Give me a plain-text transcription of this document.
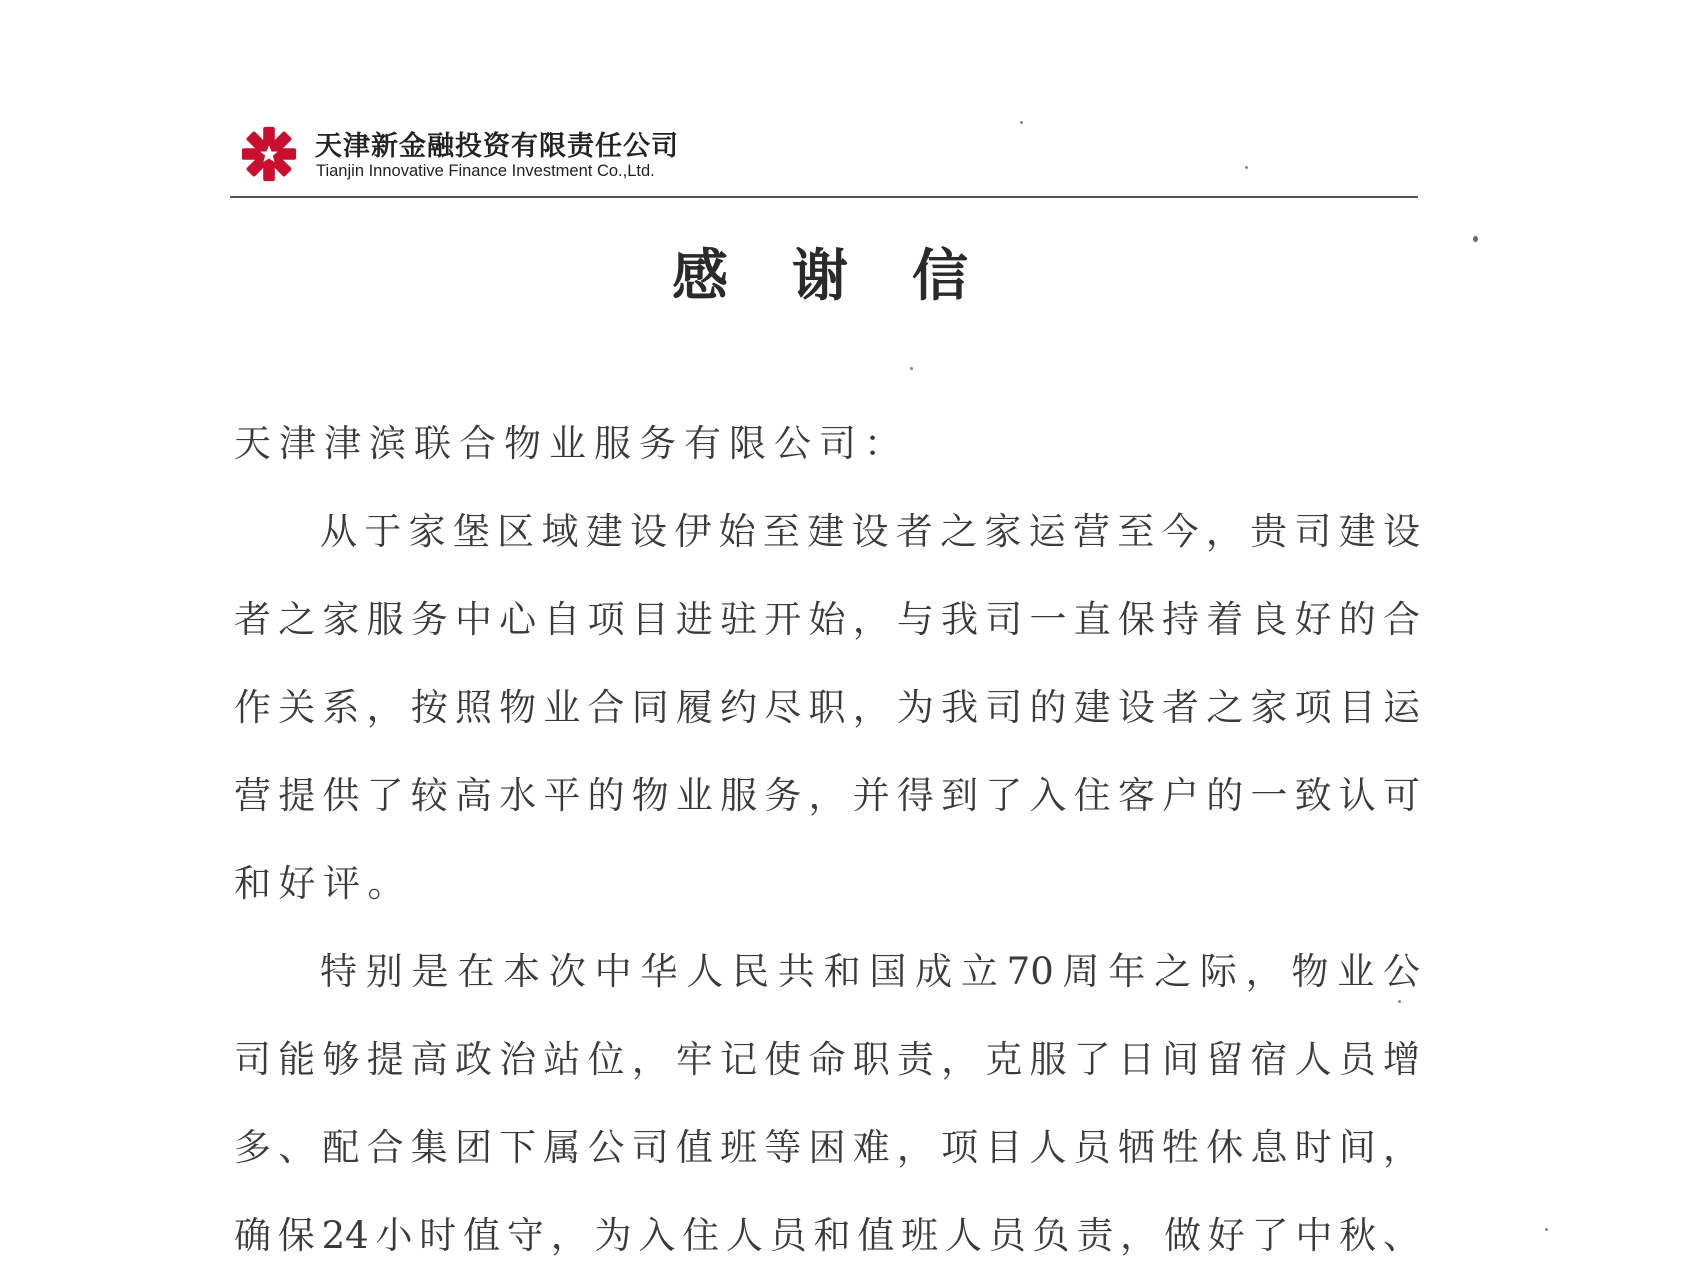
天津新金融投资有限责任公司
Tianjin Innovative Finance Investment Co.,Ltd.
感谢信
天津津滨联合物业服务有限公司：
从于家堡区域建设伊始至建设者之家运营至今，贵司建设
者之家服务中心自项目进驻开始，与我司一直保持着良好的合
作关系，按照物业合同履约尽职，为我司的建设者之家项目运
营提供了较高水平的物业服务，并得到了入住客户的一致认可
和好评。
特别是在本次中华人民共和国成立70周年之际，物业公
司能够提高政治站位，牢记使命职责，克服了日间留宿人员增
多、配合集团下属公司值班等困难，项目人员牺牲休息时间，
确保24小时值守，为入住人员和值班人员负责，做好了中秋、
